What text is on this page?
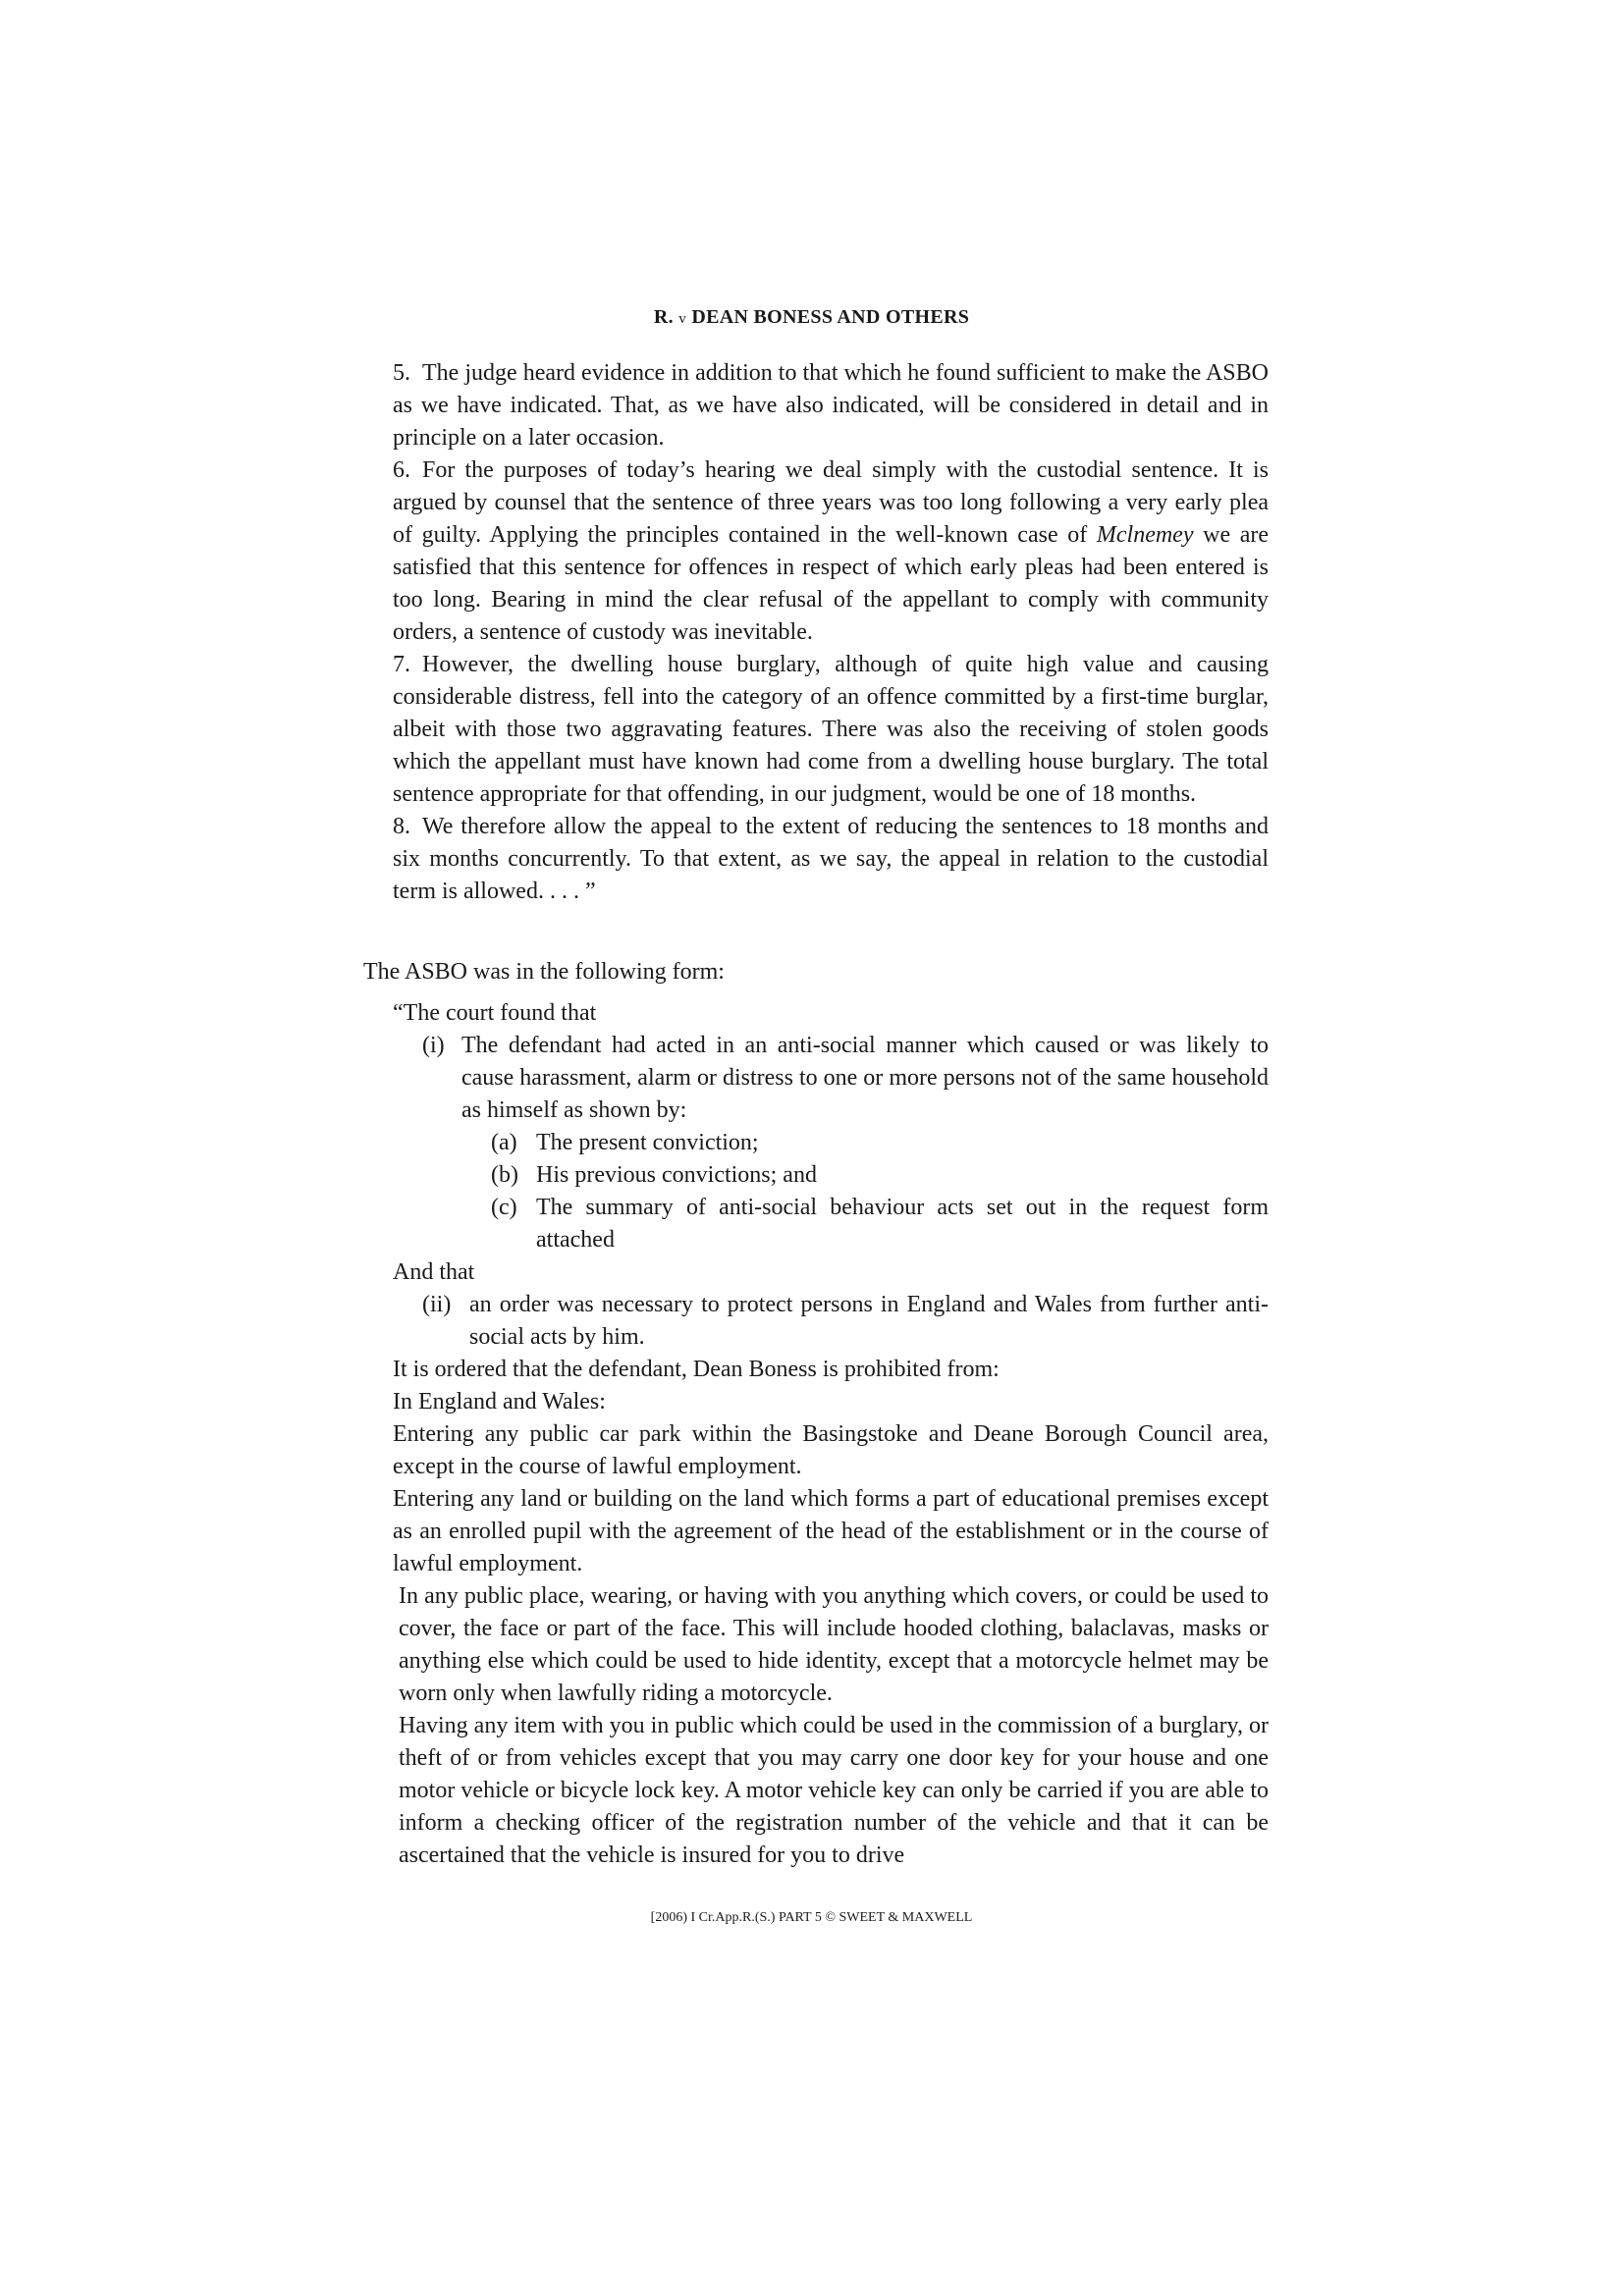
R. v DEAN BONESS AND OTHERS

5. The judge heard evidence in addition to that which he found sufficient to make the ASBO as we have indicated. That, as we have also indicated, will be considered in detail and in principle on a later occasion.

6. For the purposes of today’s hearing we deal simply with the custodial sentence. It is argued by counsel that the sentence of three years was too long following a very early plea of guilty. Applying the principles contained in the well-known case of Mclnemey we are satisfied that this sentence for offences in respect of which early pleas had been entered is too long. Bearing in mind the clear refusal of the appellant to comply with community orders, a sentence of custody was inevitable.

7. However, the dwelling house burglary, although of quite high value and causing considerable distress, fell into the category of an offence committed by a first-time burglar, albeit with those two aggravating features. There was also the receiving of stolen goods which the appellant must have known had come from a dwelling house burglary. The total sentence appropriate for that offending, in our judgment, would be one of 18 months.

8. We therefore allow the appeal to the extent of reducing the sentences to 18 months and six months concurrently. To that extent, as we say, the appeal in relation to the custodial term is allowed. . . . ”

The ASBO was in the following form:

“The court found that

(i) The defendant had acted in an anti-social manner which caused or was likely to cause harassment, alarm or distress to one or more persons not of the same household as himself as shown by:

(a) The present conviction;

(b) His previous convictions; and

(c) The summary of anti-social behaviour acts set out in the request form attached

And that

(ii) an order was necessary to protect persons in England and Wales from further anti-social acts by him.

It is ordered that the defendant, Dean Boness is prohibited from:

In England and Wales:

Entering any public car park within the Basingstoke and Deane Borough Council area, except in the course of lawful employment.

Entering any land or building on the land which forms a part of educational premises except as an enrolled pupil with the agreement of the head of the establishment or in the course of lawful employment.

In any public place, wearing, or having with you anything which covers, or could be used to cover, the face or part of the face. This will include hooded clothing, balaclavas, masks or anything else which could be used to hide identity, except that a motorcycle helmet may be worn only when lawfully riding a motorcycle.

Having any item with you in public which could be used in the commission of a burglary, or theft of or from vehicles except that you may carry one door key for your house and one motor vehicle or bicycle lock key. A motor vehicle key can only be carried if you are able to inform a checking officer of the registration number of the vehicle and that it can be ascertained that the vehicle is insured for you to drive

[2006) I Cr.App.R.(S.) PART 5 © SWEET & MAXWELL
